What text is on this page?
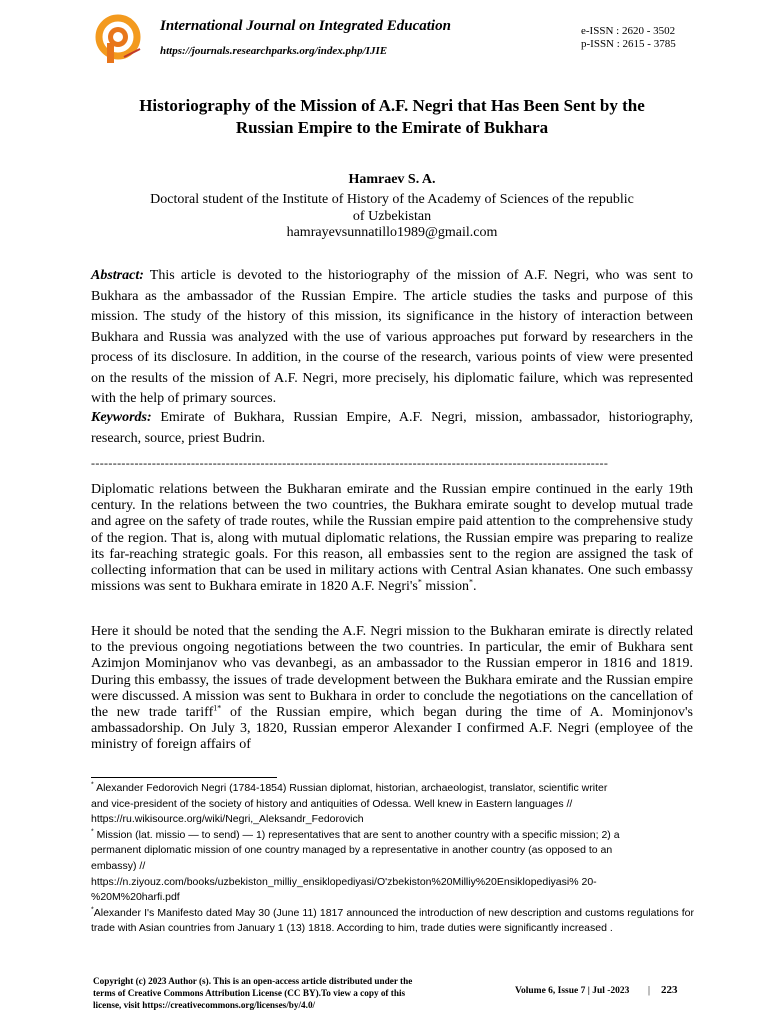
International Journal on Integrated Education
https://journals.researchparks.org/index.php/IJIE
e-ISSN : 2620 - 3502
p-ISSN : 2615 - 3785
Historiography of the Mission of A.F. Negri that Has Been Sent by the
Russian Empire to the Emirate of Bukhara
Hamraev S. A.
Doctoral student of the Institute of History of the Academy of Sciences of the republic
of Uzbekistan
hamrayevsunnatillo1989@gmail.com

Abstract: This article is devoted to the historiography of the mission of A.F. Negri, who was sent to Bukhara as the ambassador of the Russian Empire. The article studies the tasks and purpose of this mission. The study of the history of this mission, its significance in the history of interaction between Bukhara and Russia was analyzed with the use of various approaches put forward by researchers in the process of its disclosure. In addition, in the course of the research, various points of view were presented on the results of the mission of A.F. Negri, more precisely, his diplomatic failure, which was represented with the help of primary sources.

Keywords: Emirate of Bukhara, Russian Empire, A.F. Negri, mission, ambassador, historiography, research, source, priest Budrin.

-----------------------------------------------------------------------------------------------------------------------

Diplomatic relations between the Bukharan emirate and the Russian empire continued in the early 19th century. In the relations between the two countries, the Bukhara emirate sought to develop mutual trade and agree on the safety of trade routes, while the Russian empire paid attention to the comprehensive study of the region. That is, along with mutual diplomatic relations, the Russian empire was preparing to realize its far-reaching strategic goals. For this reason, all embassies sent to the region are assigned the task of collecting information that can be used in military actions with Central Asian khanates. One such embassy missions was sent to Bukhara emirate in 1820 A.F. Negri's* mission*.

Here it should be noted that the sending the A.F. Negri mission to the Bukharan emirate is directly related to the previous ongoing negotiations between the two countries. In particular, the emir of Bukhara sent Azimjon Mominjanov who vas devanbegi, as an ambassador to the Russian emperor in 1816 and 1819. During this embassy, the issues of trade development between the Bukhara emirate and the Russian empire were discussed. A mission was sent to Bukhara in order to conclude the negotiations on the cancellation of the new trade tariff$^{1*}$ of the Russian empire, which began during the time of A. Mominjonov's ambassadorship. On July 3, 1820, Russian emperor Alexander I confirmed A.F. Negri (employee of the ministry of foreign affairs of

* Alexander Fedorovich Negri (1784-1854) Russian diplomat, historian, archaeologist, translator, scientific writer

and vice-president of the society of history and antiquities of Odessa. Well knew in Eastern languages //

https://ru.wikisource.org/wiki/Negri,_Aleksandr_Fedorovich

* Mission (lat. missio — to send) — 1) representatives that are sent to another country with a specific mission; 2) a

permanent diplomatic mission of one country managed by a representative in another country (as opposed to an

embassy) //

https://n.ziyouz.com/books/uzbekiston_milliy_ensiklopediyasi/O'zbekiston%20Milliy%20Ensiklopediyasi% 20-

%20M%20harfi.pdf

*Alexander I's Manifesto dated May 30 (June 11) 1817 announced the introduction of new description and customs regulations for trade with Asian countries from January 1 (13) 1818. According to him, trade duties were significantly increased .

Copyright (c) 2023 Author (s). This is an open-access article distributed under the
terms of Creative Commons Attribution License (CC BY).To view a copy of this
license, visit https://creativecommons.org/licenses/by/4.0/
Volume 6, Issue 7 | Jul -2023 | 223
